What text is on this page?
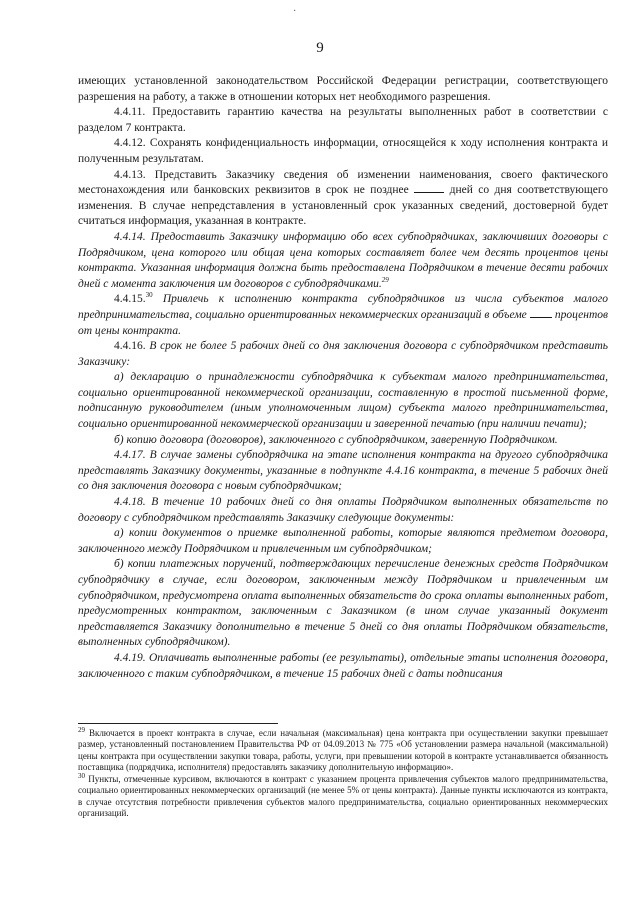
·
9

имеющих установленной законодательством Российской Федерации регистрации, соответствующего разрешения на работу, а также в отношении которых нет необходимого разрешения.

4.4.11. Предоставить гарантию качества на результаты выполненных работ в соответствии с разделом 7 контракта.

4.4.12. Сохранять конфиденциальность информации, относящейся к ходу исполнения контракта и полученным результатам.

4.4.13. Представить Заказчику сведения об изменении наименования, своего фактического местонахождения или банковских реквизитов в срок не позднее	дней со дня соответствующего изменения. В случае непредставления в установленный срок указанных сведений, достоверной будет считаться информация, указанная в контракте.

4.4.14. Предоставить Заказчику информацию обо всех субподрядчиках, заключивших договоры с Подрядчиком, цена которого или общая цена которых составляет более чем десять процентов цены контракта. Указанная информация должна быть предоставлена Подрядчиком в течение десяти рабочих дней с момента заключения им договоров с субподрядчиками.$^{29}$

4.4.15.30 Привлечь к исполнению контракта субподрядчиков из числа субъектов малого предпринимательства, социально ориентированных некоммерческих организаций в объеме процентов от цены контракта.

4.4.16. В срок не более 5 рабочих дней со дня заключения договора с субподрядчиком представить Заказчику:

а) декларацию о принадлежности субподрядчика к субъектам малого предпринимательства, социально ориентированной некоммерческой организации, составленную в простой письменной форме, подписанную руководителем (иным уполномоченным лицом) субъекта малого предпринимательства, социально ориентированной некоммерческой организации и заверенной печатью (при наличии печати);

б) копию договора (договоров), заключенного с субподрядчиком, заверенную Подрядчиком.

4.4.17. В случае замены субподрядчика на этапе исполнения контракта на другого субподрядчика представлять Заказчику документы, указанные в подпункте 4.4.16 контракта, в течение 5 рабочих дней со дня заключения договора с новым субподрядчиком;

4.4.18. В течение 10 рабочих дней со дня оплаты Подрядчиком выполненных обязательств по договору с субподрядчиком представлять Заказчику следующие документы:

а) копии документов о приемке выполненной работы, которые являются предметом договора, заключенного между Подрядчиком и привлеченным им субподрядчиком;

б) копии платежных поручений, подтверждающих перечисление денежных средств Подрядчиком субподрядчику в случае, если договором, заключенным между Подрядчиком и привлеченным им субподрядчиком, предусмотрена оплата выполненных обязательств до срока оплаты выполненных работ, предусмотренных контрактом, заключенным с Заказчиком (в ином случае указанный документ представляется Заказчику дополнительно в течение 5 дней со дня оплаты Подрядчиком обязательств, выполненных субподрядчиком).

4.4.19. Оплачивать выполненные работы (ее результаты), отдельные этапы исполнения договора, заключенного с таким субподрядчиком, в течение 15 рабочих дней с даты подписания

$^{29}$ Включается в проект контракта в случае, если начальная (максимальная) цена контракта при осуществлении закупки превышает размер, установленный постановлением Правительства РФ от 04.09.2013 № 775 «Об установлении размера начальной (максимальной) цены контракта при осуществлении закупки товара, работы, услуги, при превышении которой в контракте устанавливается обязанность поставщика (подрядчика, исполнителя) предоставлять заказчику дополнительную информацию».

$^{30}$ Пункты, отмеченные курсивом, включаются в контракт с указанием процента привлечения субъектов малого предпринимательства, социально ориентированных некоммерческих организаций (не менее 5% от цены контракта). Данные пункты исключаются из контракта, в случае отсутствия потребности привлечения субъектов малого предпринимательства, социально ориентированных некоммерческих организаций.
